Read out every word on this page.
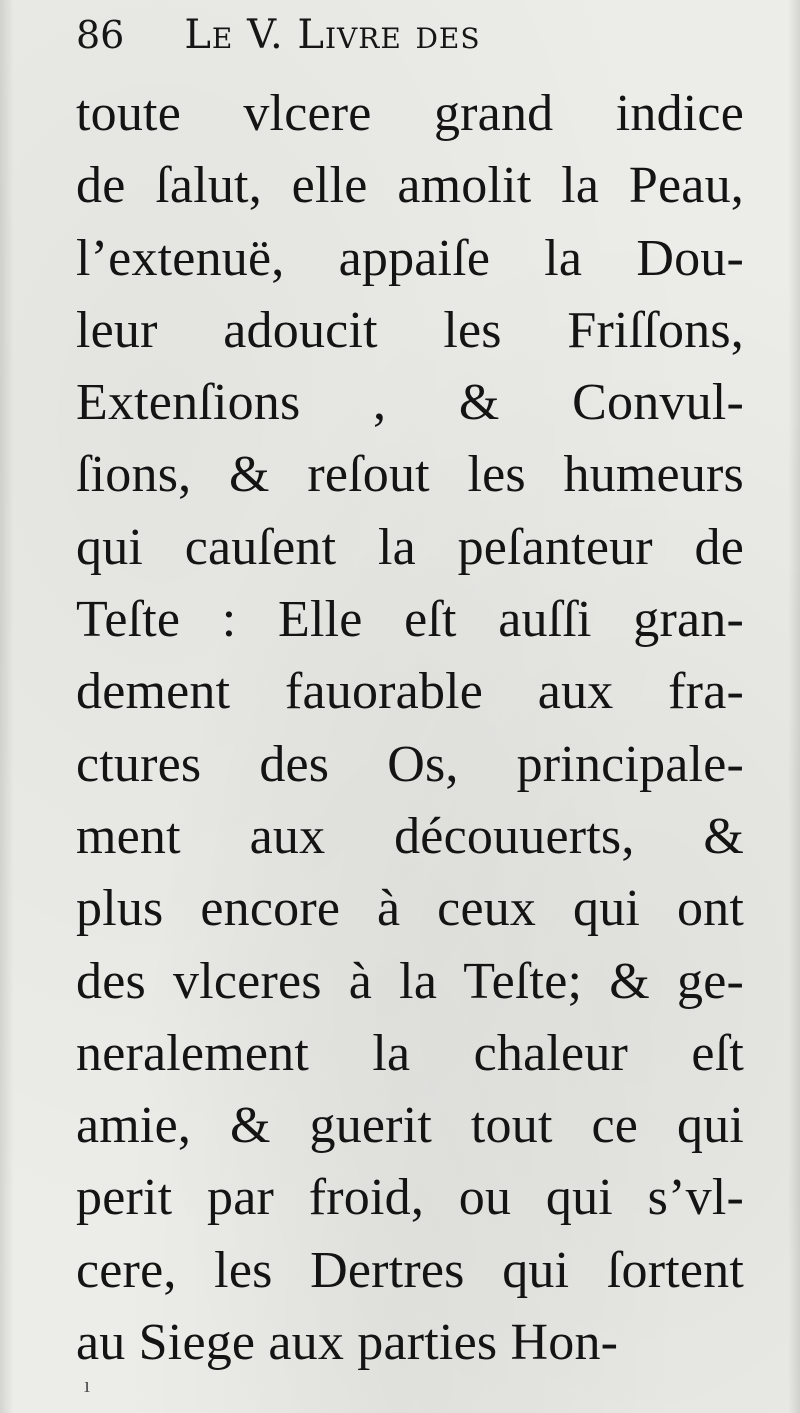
86 Le V. Livre des
toute vlcere grand indice
de ſalut, elle amolit la Peau,
l’extenuë, appaiſe la Dou-
leur adoucit les Friſſons,
Extenſions , & Convul-
ſions, & reſout les humeurs
qui cauſent la peſanteur de
Teſte : Elle eſt auſſi gran-
dement fauorable aux fra-
ctures des Os, principale-
ment aux découuerts, &
plus encore à ceux qui ont
des vlceres à la Teſte; & ge-
neralement la chaleur eſt
amie, & guerit tout ce qui
perit par froid, ou qui s’vl-
cere, les Dertres qui ſortent
au Siege aux parties Hon-
ı
